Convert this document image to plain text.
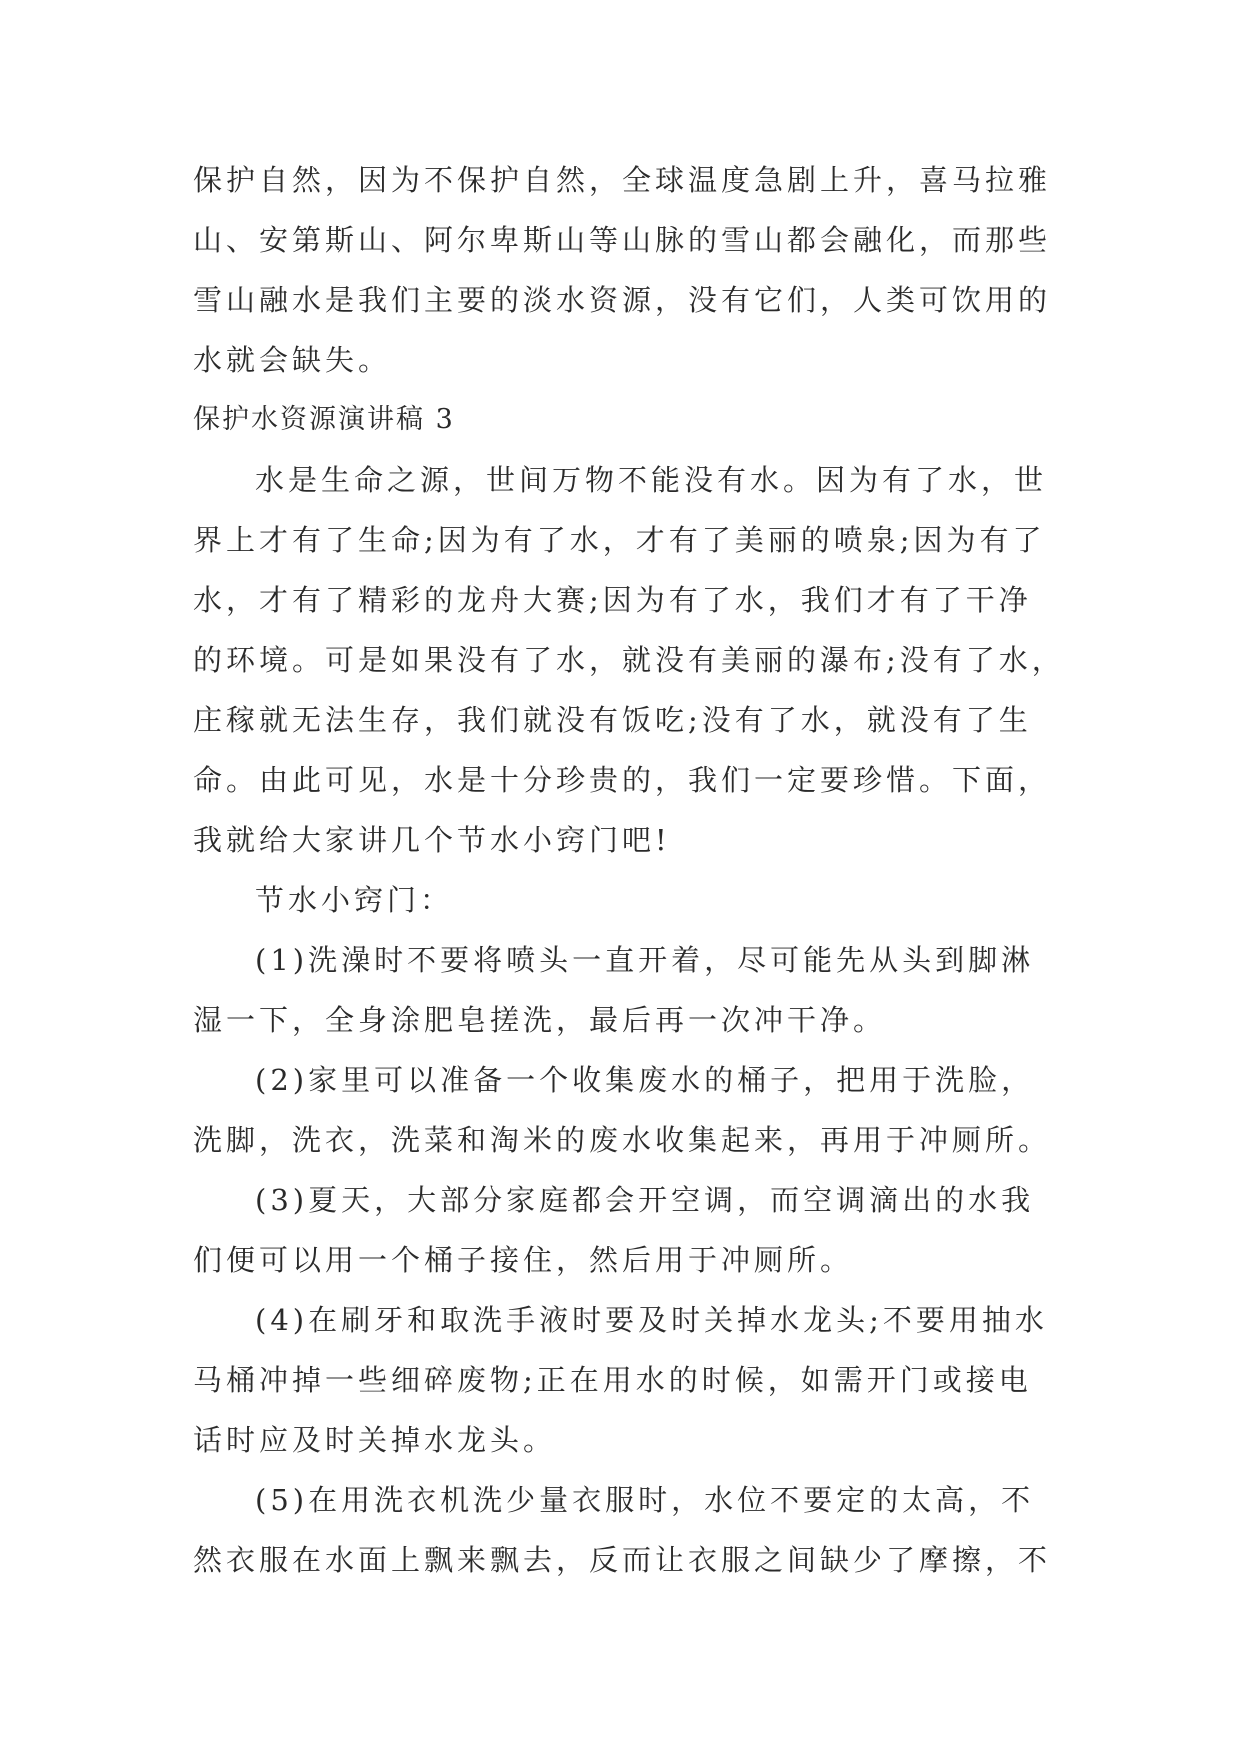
保护自然，因为不保护自然，全球温度急剧上升，喜马拉雅
山、安第斯山、阿尔卑斯山等山脉的雪山都会融化，而那些
雪山融水是我们主要的淡水资源，没有它们，人类可饮用的
水就会缺失。
保护水资源演讲稿 3
水是生命之源，世间万物不能没有水。因为有了水，世
界上才有了生命;因为有了水，才有了美丽的喷泉;因为有了
水，才有了精彩的龙舟大赛;因为有了水，我们才有了干净
的环境。可是如果没有了水，就没有美丽的瀑布;没有了水，
庄稼就无法生存，我们就没有饭吃;没有了水，就没有了生
命。由此可见，水是十分珍贵的，我们一定要珍惜。下面，
我就给大家讲几个节水小窍门吧!
节水小窍门：
(1)洗澡时不要将喷头一直开着，尽可能先从头到脚淋
湿一下，全身涂肥皂搓洗，最后再一次冲干净。
(2)家里可以准备一个收集废水的桶子，把用于洗脸，
洗脚，洗衣，洗菜和淘米的废水收集起来，再用于冲厕所。
(3)夏天，大部分家庭都会开空调，而空调滴出的水我
们便可以用一个桶子接住，然后用于冲厕所。
(4)在刷牙和取洗手液时要及时关掉水龙头;不要用抽水
马桶冲掉一些细碎废物;正在用水的时候，如需开门或接电
话时应及时关掉水龙头。
(5)在用洗衣机洗少量衣服时，水位不要定的太高，不
然衣服在水面上飘来飘去，反而让衣服之间缺少了摩擦，不
